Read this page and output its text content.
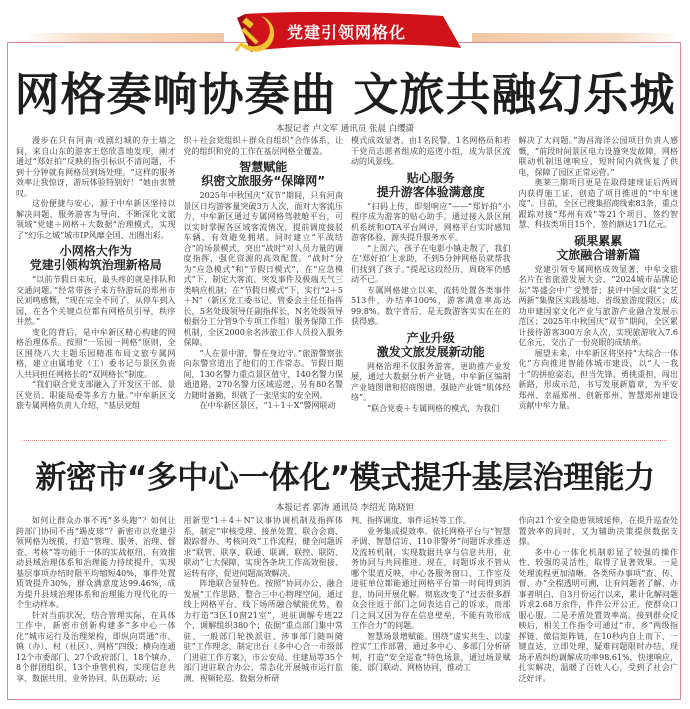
党建引领网格化
网格奏响协奏曲 文旅共融幻乐城
本报记者 卢文军 通讯员 张晨 白缨潇

漫步在只有河南·戏剧幻城的夯土墙之间，来自山东的游客王悠欣喜地发现，刚才通过“郑好拍”反映的指引标识不清问题，不到十分钟就有网格员到场处理。“这样的服务效率让我惊讶，游玩体验特别好！”她由衷赞叹。

这份便捷与安心，源于中牟新区坚持以解决问题、服务游客为导向，不断深化文旅领域“党建＋网格＋大数据”治理模式，实现了“幻乐之城”城市IP风靡全国、出圈出彩。

小网格大作为
党建引领构筑治理新格局

“以前节假日来玩，最头疼的就是排队和交通问题。”经常带孩子来方特游玩的郑州市民刘鸣感慨，“现在完全不同了，从停车到入园，在各个关键点位都有网格员引导，秩序井然。”

变化的背后，是中牟新区精心构建的网格治理体系。按照“一乐园一网格”原则，全区围绕八大主题乐园精准布局文旅专属网格，建立由属地党（工）委书记与景区负责人共同担任网格长的“双网格长”制度。

“我们联合党支部融入了开发区干部、景区党员、职能局委等多方力量。”中牟新区文旅专属网格负责人介绍，“基层党组

织＋社会党组织＋群众自组织”合作体系，让党的组织和党的工作在基层网格全覆盖。

智慧赋能
织密文旅服务“保障网”

2025年中秋国庆“双节”期间，只有河南景区日均游客量突破3万人次，面对大客流压力，中牟新区通过专属网格驾驶舱平台，可以实时掌握各区域客流情况，提前调度接驳车辆，有效避免拥堵。同时建立“平战结合”的场景模式，突出“战时”对人员力量的调度指挥，强化资源的高效配置。“战时”分为“应急模式”和“节假日模式”，在“应急模式”下，制定大客流、突发事件及极端天气三类响应机制；在“节假日模式”下，实行“2＋5＋N”（新区党工委书记、管委会主任任指挥长，5名处级领导任副指挥长，N名处级领导根据分工分管9个专项工作组）服务保障工作机制，全区2000余名涉旅工作人员投入服务保障。

“人在景中游，警在身边守。”旅游警察张向东警官道出了他们的工作常态。节假日期间，130名警力重点景区值守，140名警力保通道路，270名警力区域巡逻，另有80名警力随时备勤，织就了一张坚实的安全网。

在中牟新区景区，“1＋1＋X”警网联动

模式成效显著。由1名民警、1名网格员和若干党员志愿者组成的巡逻小组，成为景区流动的风景线。

贴心服务
提升游客体验满意度

“扫码上传，即刻响应”——“郑好拍”小程序成为游客的贴心助手。通过接入景区闸机系统和OTA平台网评，网格平台实时感知游客体验，源头提升服务水平。

“上周六，孩子在电影小镇走散了，我们在‘郑好拍’上求助，不到5分钟网格员就帮我们找到了孩子。”提起这段经历，周晓军仍感动不已。

专属网格建立以来，流转处置各类事件513件，办结率100%，游客满意率高达99.8%。数字背后，是无数游客实实在在的获得感。

产业升级
激发文旅发展新动能

网格治理不仅服务游客，更助推产业发展，通过大数据分析产业链，中牟新区编制产业链图谱和招商图谱，强链产业链“肌体经络”。

“联合党委＋专属网格的模式，为我们

解决了大问题。”海昌海洋公园项目负责人感慨，“前段时间景区电力设施突发故障，网格联动机制迅速响应，短时间内就恢复了供电，保障了园区正常运营。”

奥莱三期项目更是在取得建规证后两周内获得施工证，创造了项目推进的“中牟速度”。目前，全区已搜集招商线索83条，重点跟踪对接“郑州有戏”等21个项目，签约智慧、科技类项目15个，签约额达171亿元。

硕果累累
文旅融合谱新篇

党建引领专属网格成效显著，中牟文旅名片在省旅游发展大会、“2024城市品牌论坛”等盛会中广受赞誉；获评中国文联“文艺两新”集聚区实践基地、省级旅游度假区；成功申建国家文化产业与旅游产业融合发展示范区；2025年中秋国庆“双节”期间，全区累计接待游客300万余人次，实现旅游收入7.6亿余元，交出了一份亮眼的成绩单。

展望未来，中牟新区将坚持“大综合一体化”方向推进智能体城市建设，以“人一我十”的拼抢姿态，担当先锋，勇挑重担，闯出新路，形成示范，书写发展新篇章，为平安郑州、幸福郑州、创新郑州、智慧郑州建设贡献中牟力量。

新密市“多中心一体化”模式提升基层治理能力
本报记者 郭涛 通讯员 李绍光 陈晓钽

如何让群众办事不再“多头跑”？如何让跨部门协同不再“踢皮球”？新密市以党建引领网格为统揽，打造“管理、服务、治理、督查、考核”等功能于一体的实战枢纽，有效推动县域治理体系和治理能力持续提升，实现基层事项办结时限平均缩短40%，事件处置质效提升30%，群众满意度达99.46%，成为提升县域治理体系和治理能力现代化的一个生动样本。

针对当前状况，结合管理实际，在具体工作中，新密市创新构建多“多中心一体化”城市运行及治理架构，即纵向贯通“市、镇（办）、村（社区）、网格”四级；横向连通12个市委部门、27个政府部门、18个镇办、8个群团组织、13个垂管机构，实现信息共享、数据共用、业务协同、队伍联动；运

用新型“1＋4＋N”议事协调机制及指挥体系，制定“审核受理、接单处置、联合会商、跟踪督办、考核问效”工作流程，健全问题诉求“联管、联享、联通、联调、联控、联防、联动”七大保障，实现各条块工作高效衔接、运转有序，促进问题高效解决。

阵地联合显特色。按照“协同办公、融合发展”工作思路，整合三中心物理空间，通过线上网格平台、线下场所融合赋能优势，着力打造“3区10窗21室”，进驻调解专班22个、调解组织380个；依据“重点部门集中常驻、一般部门轮换派驻、涉事部门随叫随驻”工作理念，制定出台《多中心合一市级部门进驻工作方案》，市公安局、住建局等35个部门进驻联合办公，常态化开展城市运行监测、视频轮巡、数据分析研

判、指挥调度、事件运转等工作。

业务集成提效率。依托网格平台与“智慧矛调、智慧信访、110非警务”问题诉求推送及流转机制，实现数据共享与信息共用，业务协同与共同推进。现在，问题诉求不管从哪个渠道反映，中心各服务窗口、工作室及进驻单位都能通过网格平台第一时间得到消息，协同开展化解。彻底改变了“过去很多群众会往返于部门之间表达自己的诉求，而部门之间又因为存在信息壁垒，不能有效形成工作合力”的问题。

智慧场景增赋能。围绕“虚实共生、以虚控实”工作部署，通过多中心、多部门分析研判，打造“安全巡查”特色场景，通过场景赋能、部门联动、网格协同，推动工

作向21个安全隐患领域延伸，在提升巡查处置效率的同时，又为辅助决策提供数据支撑。

多中心一体化机制彰显了较强的操作性、较强的灵活性，取得了显著效果。一是处理流程更加清晰。各类所办事项“查、传、督、办”全程透明可溯，让有问题者了解，办事者明白，自3月份运行以来，累计化解问题诉求2.68万余件，件件公开公正，使群众口服心服。二是矛盾处置效率高。接到群众反映后，相关工作指令可通过“市、乡”两级指挥链、微信矩阵链，在10秒内自上而下、一键直达，立即处理，疑难问题限时办结，现场矛盾纠纷调解成功率98.61%，快速响应，扎实解决，温暖了百姓人心，受到了社会广泛好评。
